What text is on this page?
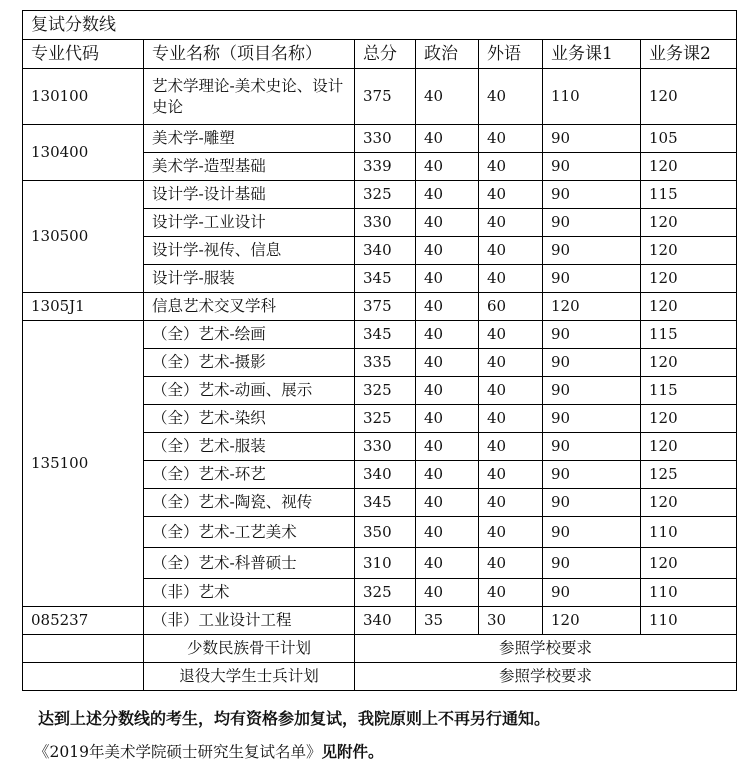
复试分数线						
专业代码	专业名称（项目名称）	总分	政治	外语	业务课1	业务课2
130100	艺术学理论-美术史论、设计史论	375	40	40	110	120
130400	美术学-雕塑	330	40	40	90	105
	美术学-造型基础	339	40	40	90	120
130500	设计学-设计基础	325	40	40	90	115
	设计学-工业设计	330	40	40	90	120
	设计学-视传、信息	340	40	40	90	120
	设计学-服装	345	40	40	90	120
1305J1	信息艺术交叉学科	375	40	60	120	120
135100	（全）艺术-绘画	345	40	40	90	115
	（全）艺术-摄影	335	40	40	90	120
	（全）艺术-动画、展示	325	40	40	90	115
	（全）艺术-染织	325	40	40	90	120
	（全）艺术-服装	330	40	40	90	120
	（全）艺术-环艺	340	40	40	90	125
	（全）艺术-陶瓷、视传	345	40	40	90	120
	（全）艺术-工艺美术	350	40	40	90	110
	（全）艺术-科普硕士	310	40	40	90	120
	（非）艺术	325	40	40	90	110
085237	（非）工业设计工程	340	35	30	120	110
	少数民族骨干计划	参照学校要求				
	退役大学生士兵计划	参照学校要求				
达到上述分数线的考生，均有资格参加复试，我院原则上不再另行通知。
《2019年美术学院硕士研究生复试名单》见附件。
